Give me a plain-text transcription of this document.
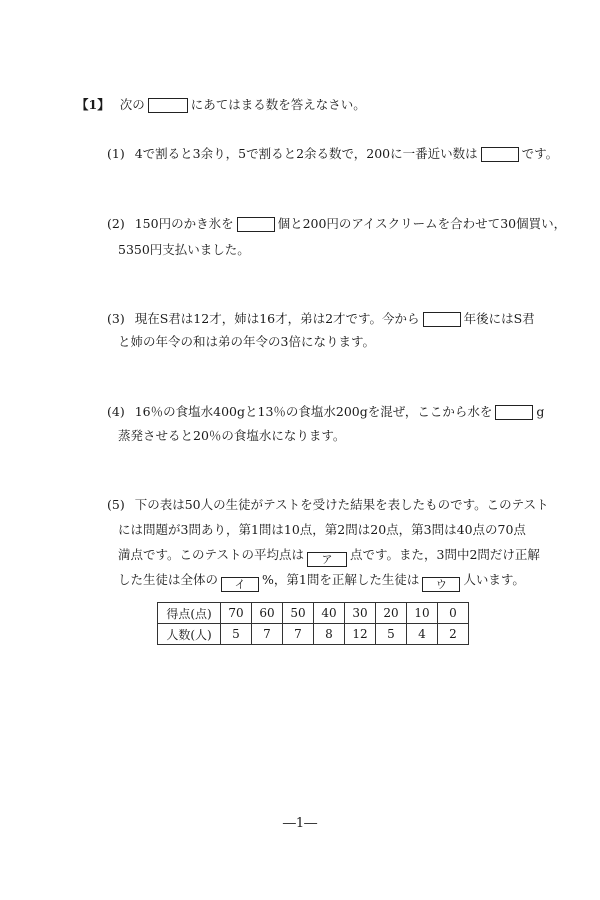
【1】 次の	にあてはまる数を答えなさい。
(1) 4で割ると3余り，5で割ると2余る数で，200に一番近い数は	です。
(2) 150円のかき氷を	個と200円のアイスクリームを合わせて30個買い，
5350円支払いました。
(3) 現在S君は12才，姉は16才，弟は2才です。今から	年後にはS君
と姉の年令の和は弟の年令の3倍になります。
(4) 16％の食塩水400gと13％の食塩水200gを混ぜ，ここから水を	g
蒸発させると20％の食塩水になります。
(5) 下の表は50人の生徒がテストを受けた結果を表したものです。このテスト
には問題が3問あり，第1問は10点，第2問は20点，第3問は40点の70点
満点です。このテストの平均点は ア 点です。また，3問中2問だけ正解
した生徒は全体の イ %，第1問を正解した生徒は ウ 人います。
得点(点)	70	60	50	40	30	20	10	0
人数(人)	5	7	7	8	12	5	4	2
―1―
